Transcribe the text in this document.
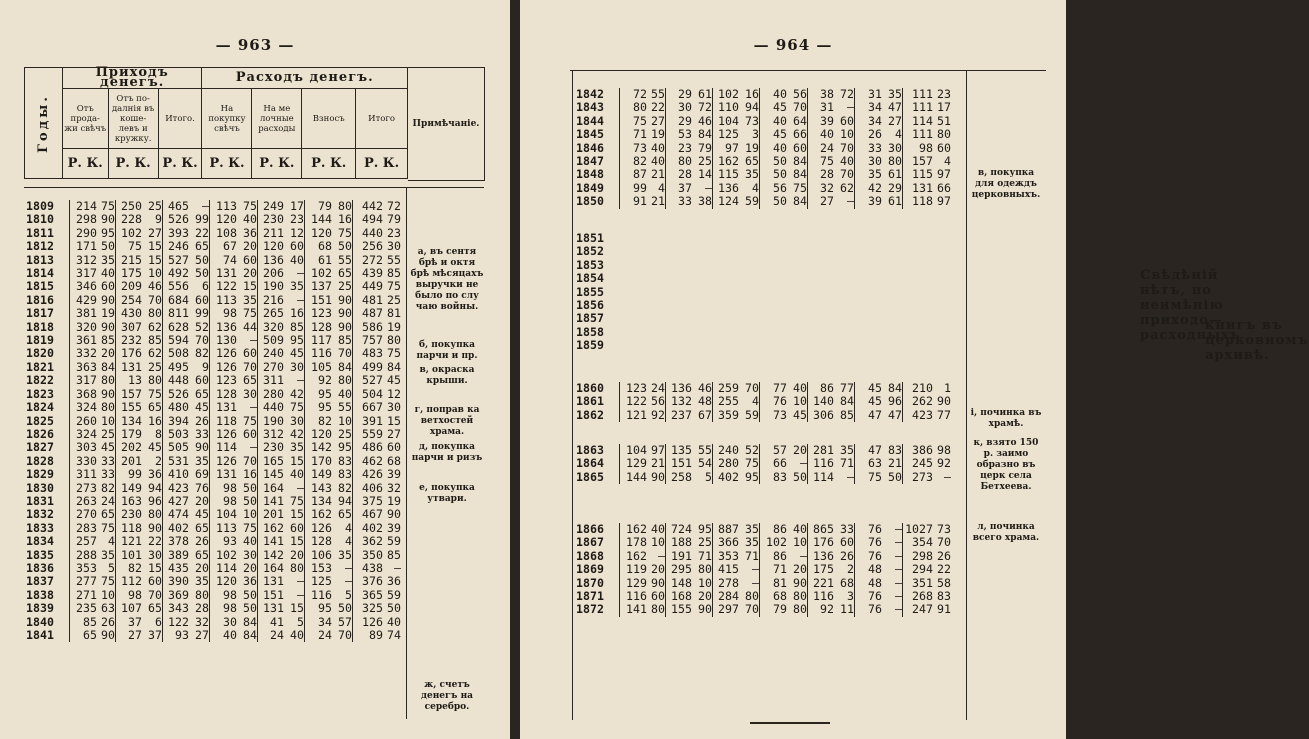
— 963 —
Годы.	Приходъ денегъ.			Расходъ денегъ.			
	Отъ прода- жи свѣчъ	Отъ по- далнія въ коше- левъ и кружку.	Итого.	На покупку свѣчъ	На ме лочные расходы	Взносъ	Итого
	Р. К.	Р. К.	Р. К.	Р. К.	Р. К.	Р. К.	Р. К.
Примѣчанiе.
1809	214	75	250	25	465	—	113	75	249	17	79	80	442	72
1810	298	90	228	9	526	99	120	40	230	23	144	16	494	79
1811	290	95	102	27	393	22	108	36	211	12	120	75	440	23
1812	171	50	75	15	246	65	67	20	120	60	68	50	256	30
1813	312	35	215	15	527	50	74	60	136	40	61	55	272	55
1814	317	40	175	10	492	50	131	20	206	—	102	65	439	85
1815	346	60	209	46	556	6	122	15	190	35	137	25	449	75
1816	429	90	254	70	684	60	113	35	216	—	151	90	481	25
1817	381	19	430	80	811	99	98	75	265	16	123	90	487	81
1818	320	90	307	62	628	52	136	44	320	85	128	90	586	19
1819	361	85	232	85	594	70	130	—	509	95	117	85	757	80
1820	332	20	176	62	508	82	126	60	240	45	116	70	483	75
1821	363	84	131	25	495	9	126	70	270	30	105	84	499	84
1822	317	80	13	80	448	60	123	65	311	—	92	80	527	45
1823	368	90	157	75	526	65	128	30	280	42	95	40	504	12
1824	324	80	155	65	480	45	131	—	440	75	95	55	667	30
1825	260	10	134	16	394	26	118	75	190	30	82	10	391	15
1826	324	25	179	8	503	33	126	60	312	42	120	25	559	27
1827	303	45	202	45	505	90	114	—	230	35	142	95	486	60
1828	330	33	201	2	531	35	126	70	165	15	170	83	462	68
1829	311	33	99	36	410	69	131	16	145	40	149	83	426	39
1830	273	82	149	94	423	76	98	50	164	—	143	82	406	32
1831	263	24	163	96	427	20	98	50	141	75	134	94	375	19
1832	270	65	230	80	474	45	104	10	201	15	162	65	467	90
1833	283	75	118	90	402	65	113	75	162	60	126	4	402	39
1834	257	4	121	22	378	26	93	40	141	15	128	4	362	59
1835	288	35	101	30	389	65	102	30	142	20	106	35	350	85
1836	353	5	82	15	435	20	114	20	164	80	153	—	438	—
1837	277	75	112	60	390	35	120	36	131	—	125	—	376	36
1838	271	10	98	70	369	80	98	50	151	—	116	5	365	59
1839	235	63	107	65	343	28	98	50	131	15	95	50	325	50
1840	85	26	37	6	122	32	30	84	41	5	34	57	126	40
1841	65	90	27	37	93	27	40	84	24	40	24	70	89	74
а, въ сентя брѣ и октя брѣ мѣсяцахъ выручки не было по слу чаю войны.
б, покупка парчи и пр.
в, окраска крыши.
г, поправ ка ветхостей храма.
д, покупка парчи и ризъ
е, покупка утвари.
ж, счетъ денегъ на серебро.
— 964 —
1842	72	55	29	61	102	16	40	56	38	72	31	35	111	23
1843	80	22	30	72	110	94	45	70	31	—	34	47	111	17
1844	75	27	29	46	104	73	40	64	39	60	34	27	114	51
1845	71	19	53	84	125	3	45	66	40	10	26	4	111	80
1846	73	40	23	79	97	19	40	60	24	70	33	30	98	60
1847	82	40	80	25	162	65	50	84	75	40	30	80	157	4
1848	87	21	28	14	115	35	50	84	28	70	35	61	115	97
1849	99	4	37	—	136	4	56	75	32	62	42	29	131	66
1850	91	21	33	38	124	59	50	84	27	—	39	61	118	97
1851
1852
1853
1854
1855
1856
1857
1858
1859
Свѣдѣній нѣтъ, по неимѣнію приходо—расходныхъ
книгъ въ церковномъ архивѣ.
1860	123	24	136	46	259	70	77	40	86	77	45	84	210	1
1861	122	56	132	48	255	4	76	10	140	84	45	96	262	90
1862	121	92	237	67	359	59	73	45	306	85	47	47	423	77
1863	104	97	135	55	240	52	57	20	281	35	47	83	386	98
1864	129	21	151	54	280	75	66	—	116	71	63	21	245	92
1865	144	90	258	5	402	95	83	50	114	—	75	50	273	—
1866	162	40	724	95	887	35	86	40	865	33	76	—	1027	73
1867	178	10	188	25	366	35	102	10	176	60	76	—	354	70
1868	162	—	191	71	353	71	86	—	136	26	76	—	298	26
1869	119	20	295	80	415	—	71	20	175	2	48	—	294	22
1870	129	90	148	10	278	—	81	90	221	68	48	—	351	58
1871	116	60	168	20	284	80	68	80	116	3	76	—	268	83
1872	141	80	155	90	297	70	79	80	92	11	76	—	247	91
в, покупка для одеждъ церковныхъ.
і, починка въ храмѣ.
к, взято 150 р. заимо образно въ церк села Бетхеева.
л, починка всего храма.
